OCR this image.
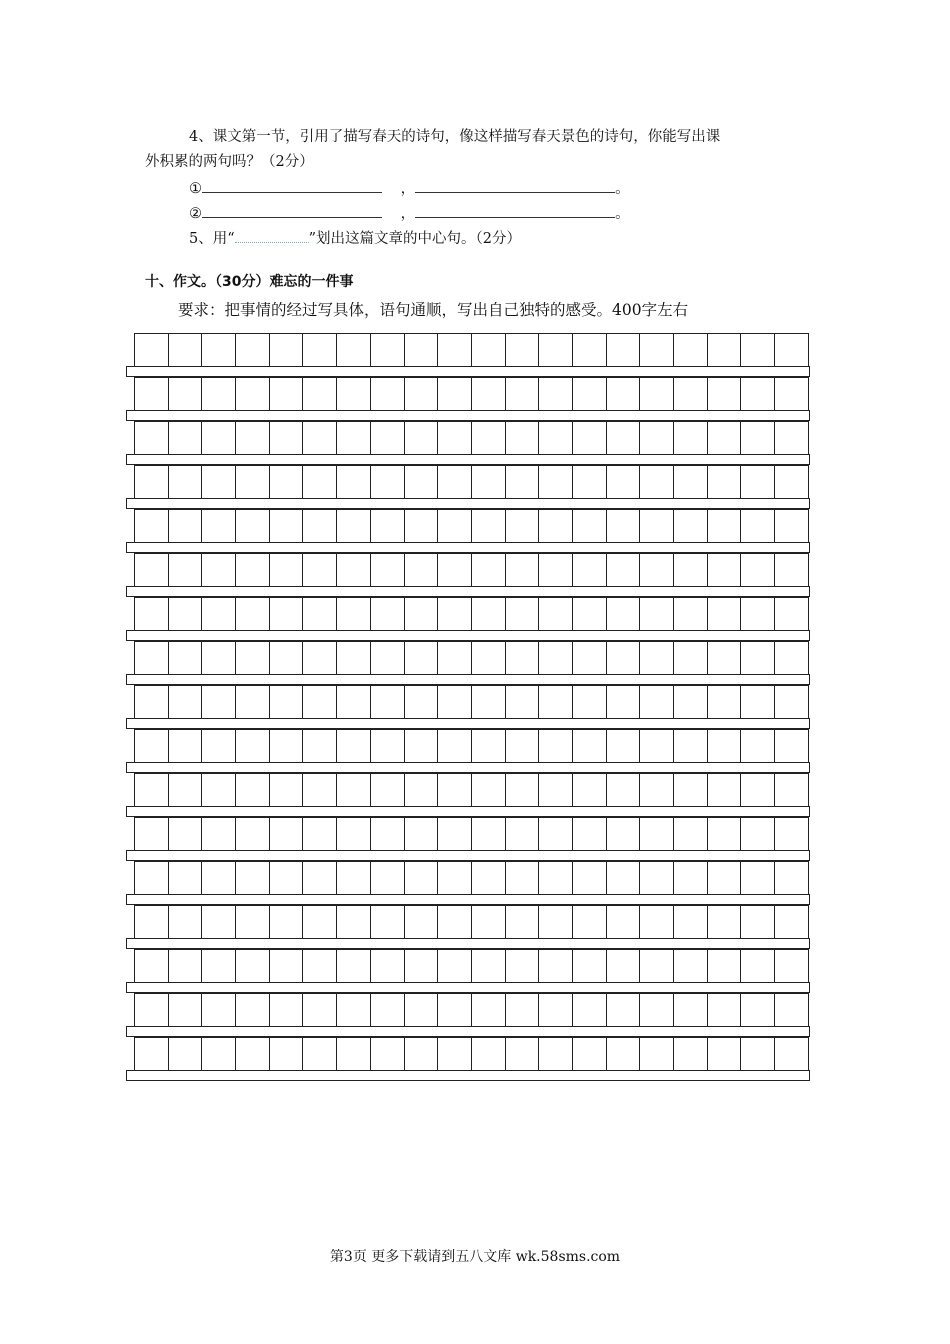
4、课文第一节，引用了描写春天的诗句，像这样描写春天景色的诗句，你能写出课
外积累的两句吗？（2分）
①	，	。
②	，	。
5、用“	”划出这篇文章的中心句。（2分）
十、作文。（30分）难忘的一件事
要求：把事情的经过写具体，语句通顺，写出自己独特的感受。400字左右
第3页 更多下载请到五八文库 wk.58sms.com
